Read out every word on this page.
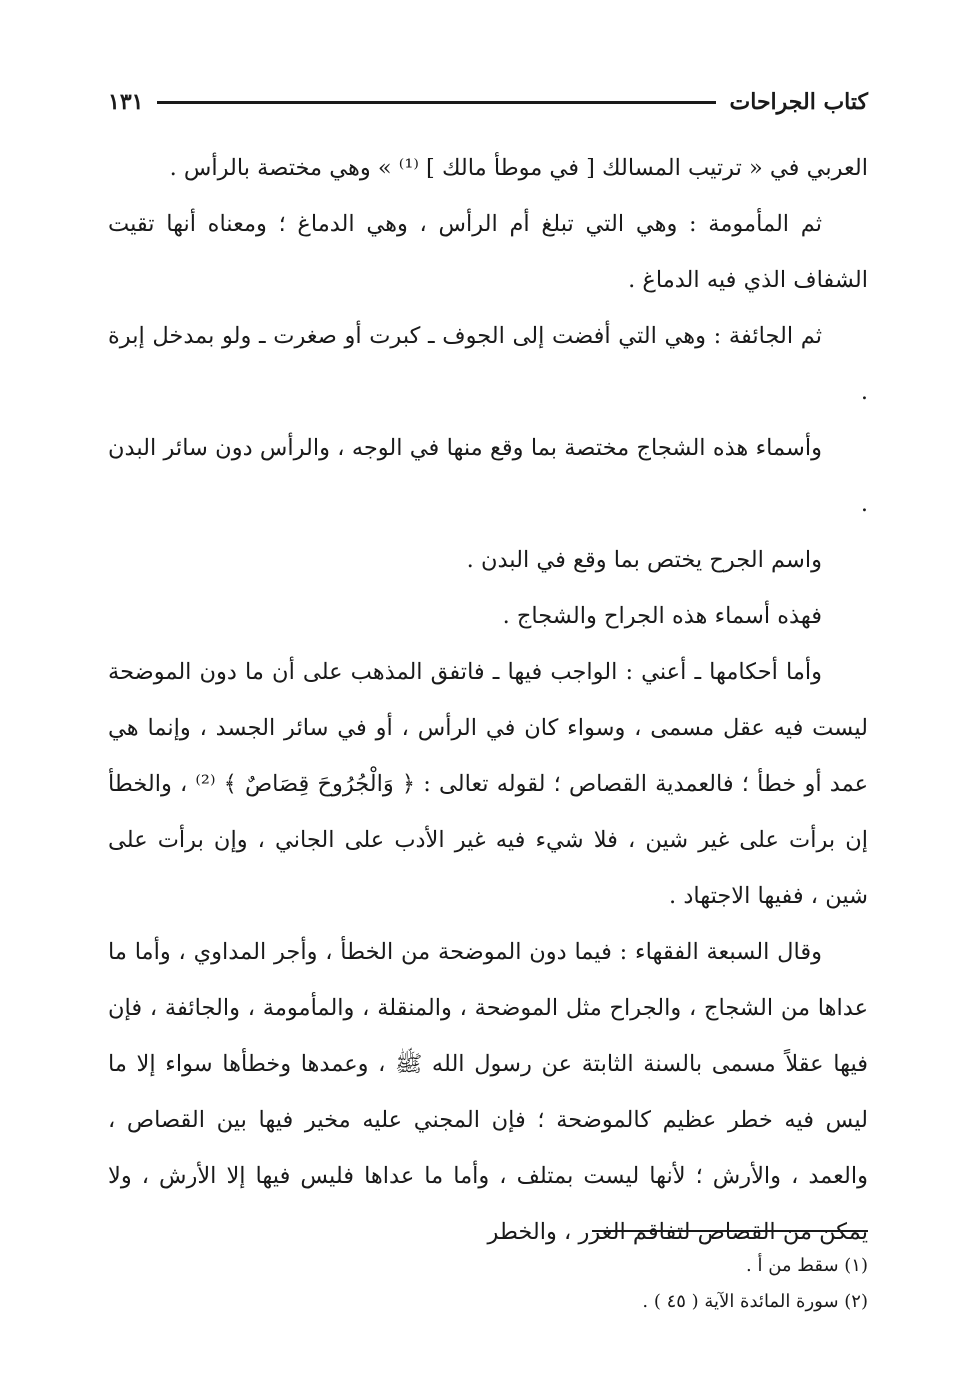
كتاب الجراحات
١٣١

العربي في « ترتيب المسالك [ في موطأ مالك ] ⁽¹⁾ » وهي مختصة بالرأس .

ثم المأمومة : وهي التي تبلغ أم الرأس ، وهي الدماغ ؛ ومعناه أنها تقيت الشفاف الذي فيه الدماغ .

ثم الجائفة : وهي التي أفضت إلى الجوف ـ كبرت أو صغرت ـ ولو بمدخل إبرة .

وأسماء هذه الشجاج مختصة بما وقع منها في الوجه ، والرأس دون سائر البدن .

واسم الجرح يختص بما وقع في البدن .

فهذه أسماء هذه الجراح والشجاج .

وأما أحكامها ـ أعني : الواجب فيها ـ فاتفق المذهب على أن ما دون الموضحة ليست فيه عقل مسمى ، وسواء كان في الرأس ، أو في سائر الجسد ، وإنما هي عمد أو خطأ ؛ فالعمدية القصاص ؛ لقوله تعالى : ﴿ وَالْجُرُوحَ قِصَاصٌ ﴾ ⁽²⁾ ، والخطأ إن برأت على غير شين ، فلا شيء فيه غير الأدب على الجاني ، وإن برأت على شين ، ففيها الاجتهاد .

وقال السبعة الفقهاء : فيما دون الموضحة من الخطأ ، وأجر المداوي ، وأما ما عداها من الشجاج ، والجراح مثل الموضحة ، والمنقلة ، والمأمومة ، والجائفة ، فإن فيها عقلاً مسمى بالسنة الثابتة عن رسول الله ﷺ ، وعمدها وخطأها سواء إلا ما ليس فيه خطر عظيم كالموضحة ؛ فإن المجني عليه مخير فيها بين القصاص ، والعمد ، والأرش ؛ لأنها ليست بمتلف ، وأما ما عداها فليس فيها إلا الأرش ، ولا يمكن من القصاص لتفاقم الغرر ، والخطر

(١) سقط من أ .

(٢) سورة المائدة الآية ( ٤٥ ) .
